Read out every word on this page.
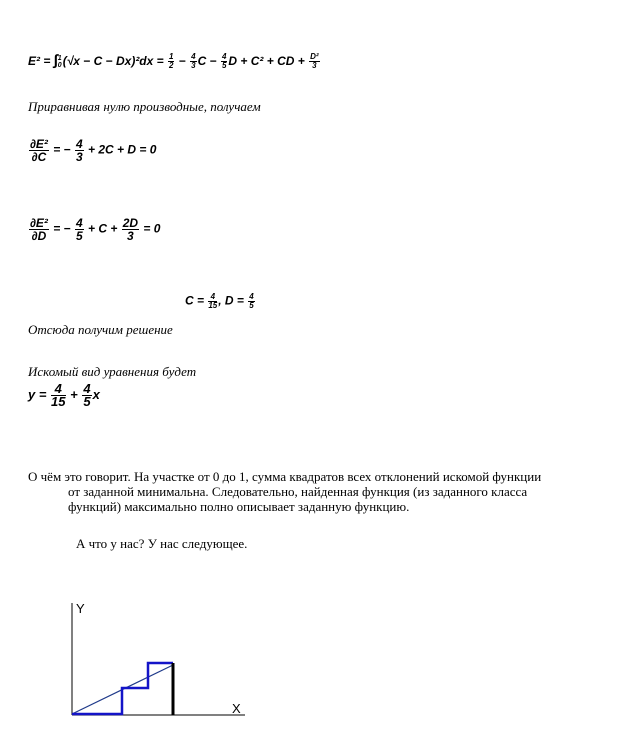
E² = ∫ 1
0 $(√x - C - Dx)^2dx = \frac{1}{2} - \frac{4}{3}$ $C - \frac{4}{5}$ D + C² + CD + $\frac{\text{D²}}{3}$
Приравнивая нулю производные, получаем
$\frac{\text{∂E²}}{\partial C}$ = − $\frac{4}{3} + 2C + D = 0$
$\frac{\text{∂E²}}{\partial D}$ = − $\frac{4}{5} + C + \frac{2D}{3} = 0$
$C = \frac{4}{15}$ , $D = \frac{4}{5}$
Отсюда получим решение
Искомый вид уравнения будет
$y = \frac{4}{15} + \frac{4}{5}$ x
О чём это говорит. На участке от 0 до 1, сумма квадратов всех отклонений искомой функции
от заданной минимальна. Следовательно, найденная функция (из заданного класса
функций) максимально полно описывает заданную функцию.
А что у нас? У нас следующее.
Y
X
